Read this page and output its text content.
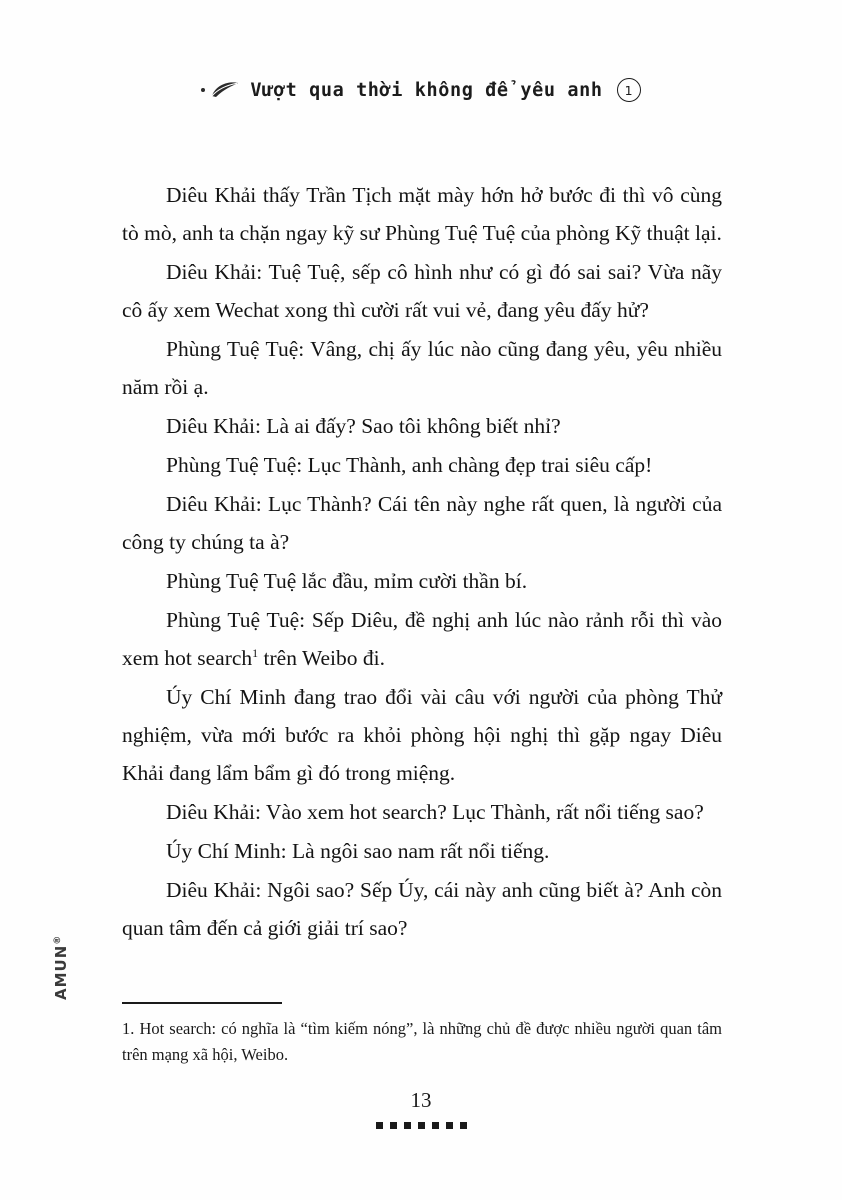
Vượt qua thời không để yêu anh	1

Diêu Khải thấy Trần Tịch mặt mày hớn hở bước đi thì vô cùng tò mò, anh ta chặn ngay kỹ sư Phùng Tuệ Tuệ của phòng Kỹ thuật lại.

Diêu Khải: Tuệ Tuệ, sếp cô hình như có gì đó sai sai? Vừa nãy cô ấy xem Wechat xong thì cười rất vui vẻ, đang yêu đấy hử?

Phùng Tuệ Tuệ: Vâng, chị ấy lúc nào cũng đang yêu, yêu nhiều năm rồi ạ.

Diêu Khải: Là ai đấy? Sao tôi không biết nhỉ?

Phùng Tuệ Tuệ: Lục Thành, anh chàng đẹp trai siêu cấp!

Diêu Khải: Lục Thành? Cái tên này nghe rất quen, là người của công ty chúng ta à?

Phùng Tuệ Tuệ lắc đầu, mỉm cười thần bí.

Phùng Tuệ Tuệ: Sếp Diêu, đề nghị anh lúc nào rảnh rỗi thì vào xem hot search$^1$ trên Weibo đi.

Úy Chí Minh đang trao đổi vài câu với người của phòng Thử nghiệm, vừa mới bước ra khỏi phòng hội nghị thì gặp ngay Diêu Khải đang lẩm bẩm gì đó trong miệng.

Diêu Khải: Vào xem hot search? Lục Thành, rất nổi tiếng sao?

Úy Chí Minh: Là ngôi sao nam rất nổi tiếng.

Diêu Khải: Ngôi sao? Sếp Úy, cái này anh cũng biết à? Anh còn quan tâm đến cả giới giải trí sao?

1. Hot search: có nghĩa là “tìm kiếm nóng”, là những chủ đề được nhiều người quan tâm trên mạng xã hội, Weibo.

AMUN®
13
